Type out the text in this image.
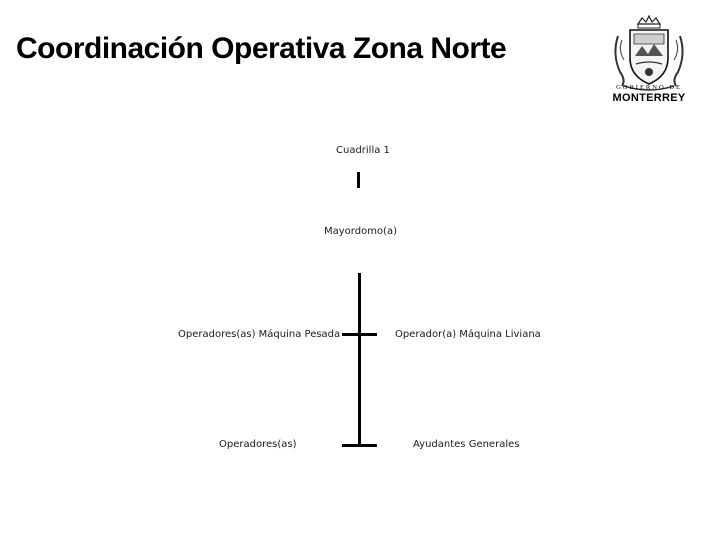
Coordinación Operativa Zona Norte
GOBIERNO DE
MONTERREY
Cuadrilla 1
Mayordomo(a)
Operadores(as) Máquina Pesada	Operador(a) Máquina Liviana
Operadores(as)	Ayudantes Generales
